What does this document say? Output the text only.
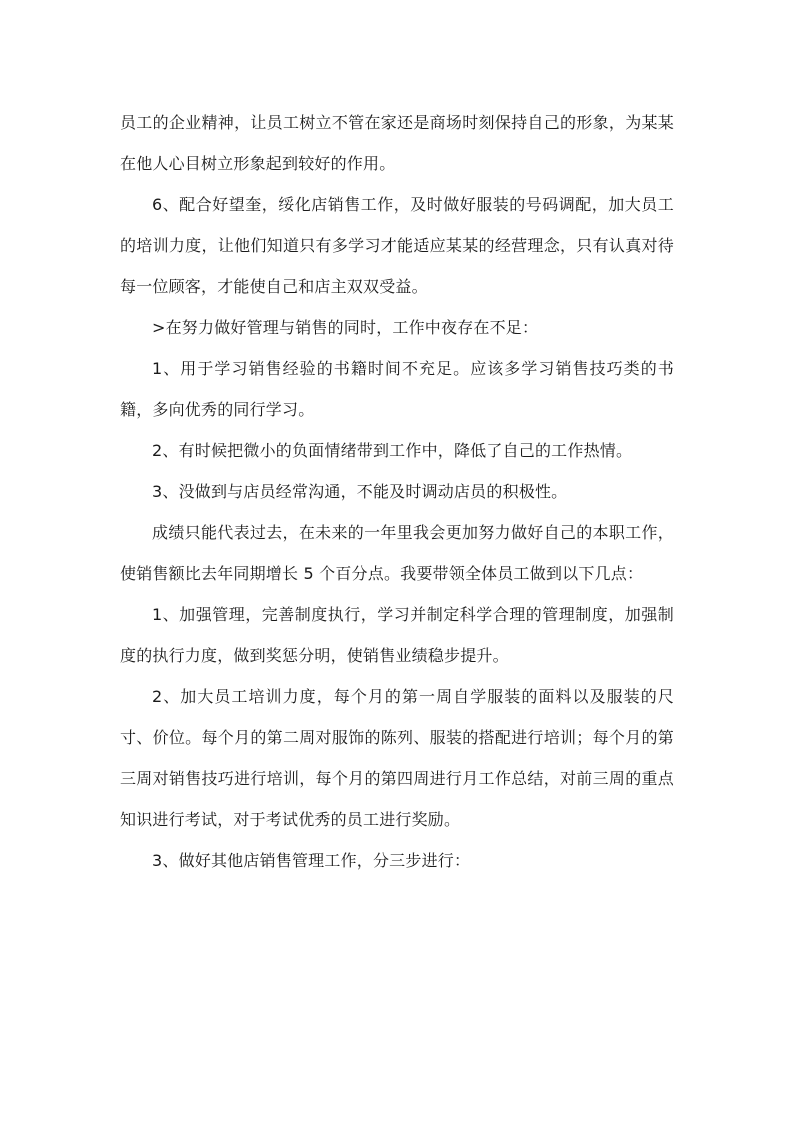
员工的企业精神，让员工树立不管在家还是商场时刻保持自己的形象，为某某在他人心目树立形象起到较好的作用。

6、配合好望奎，绥化店销售工作，及时做好服装的号码调配，加大员工的培训力度，让他们知道只有多学习才能适应某某的经营理念，只有认真对待每一位顾客，才能使自己和店主双双受益。

>在努力做好管理与销售的同时，工作中夜存在不足：

1、用于学习销售经验的书籍时间不充足。应该多学习销售技巧类的书籍，多向优秀的同行学习。

2、有时候把微小的负面情绪带到工作中，降低了自己的工作热情。

3、没做到与店员经常沟通，不能及时调动店员的积极性。

成绩只能代表过去，在未来的一年里我会更加努力做好自己的本职工作，使销售额比去年同期增长 5 个百分点。我要带领全体员工做到以下几点：

1、加强管理，完善制度执行，学习并制定科学合理的管理制度，加强制度的执行力度，做到奖惩分明，使销售业绩稳步提升。

2、加大员工培训力度，每个月的第一周自学服装的面料以及服装的尺寸、价位。每个月的第二周对服饰的陈列、服装的搭配进行培训；每个月的第三周对销售技巧进行培训，每个月的第四周进行月工作总结，对前三周的重点知识进行考试，对于考试优秀的员工进行奖励。

3、做好其他店销售管理工作，分三步进行：
